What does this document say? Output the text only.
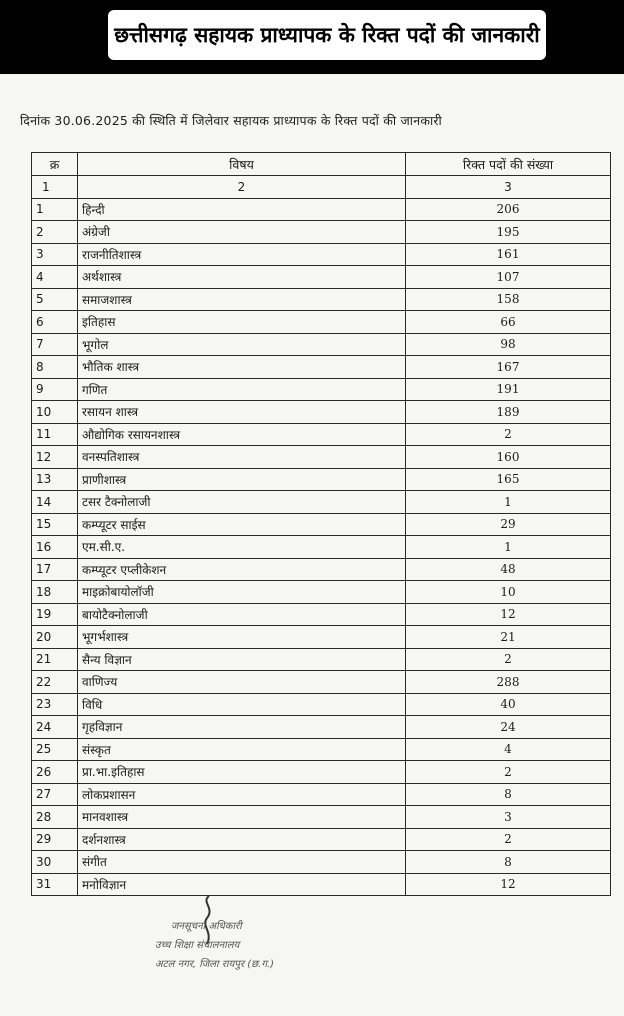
छत्तीसगढ़ सहायक प्राध्यापक के रिक्त पदों की जानकारी
दिनांक 30.06.2025 की स्थिति में जिलेवार सहायक प्राध्यापक के रिक्त पदों की जानकारी
क्र	विषय	रिक्त पदों की संख्या
1	2	3
1	हिन्दी	206
2	अंग्रेजी	195
3	राजनीतिशास्त्र	161
4	अर्थशास्त्र	107
5	समाजशास्त्र	158
6	इतिहास	66
7	भूगोल	98
8	भौतिक शास्त्र	167
9	गणित	191
10	रसायन शास्त्र	189
11	औद्योगिक रसायनशास्त्र	2
12	वनस्पतिशास्त्र	160
13	प्राणीशास्त्र	165
14	टसर टैक्नोलाजी	1
15	कम्प्यूटर साईस	29
16	एम.सी.ए.	1
17	कम्प्यूटर एप्लीकेशन	48
18	माइक्रोबायोलॉजी	10
19	बायोटैक्नोलाजी	12
20	भूगर्भशास्त्र	21
21	सैन्य विज्ञान	2
22	वाणिज्य	288
23	विधि	40
24	गृहविज्ञान	24
25	संस्कृत	4
26	प्रा.भा.इतिहास	2
27	लोकप्रशासन	8
28	मानवशास्त्र	3
29	दर्शनशास्त्र	2
30	संगीत	8
31	मनोविज्ञान	12
जनसूचना अधिकारी
उच्च शिक्षा संचालनालय
अटल नगर, जिला रायपुर (छ.ग.)
